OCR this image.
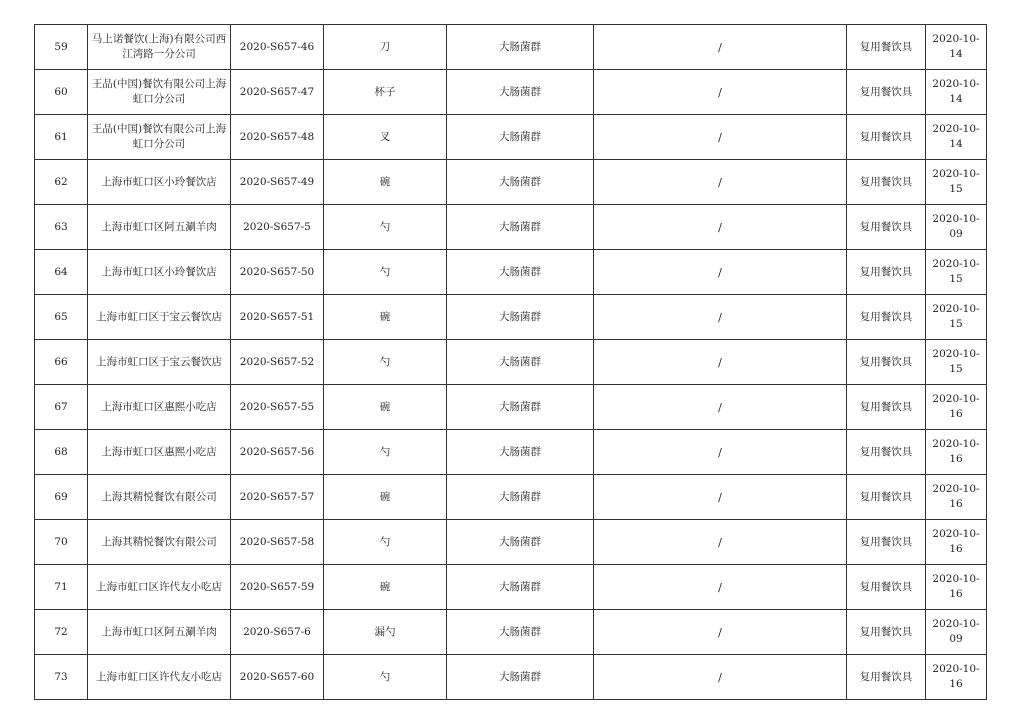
59	马上诺餐饮(上海)有限公司西江湾路一分公司	2020-S657-46	刀	大肠菌群	/	复用餐饮具	2020-10-14
60	王品(中国)餐饮有限公司上海虹口分公司	2020-S657-47	杯子	大肠菌群	/	复用餐饮具	2020-10-14
61	王品(中国)餐饮有限公司上海虹口分公司	2020-S657-48	叉	大肠菌群	/	复用餐饮具	2020-10-14
62	上海市虹口区小玲餐饮店	2020-S657-49	碗	大肠菌群	/	复用餐饮具	2020-10-15
63	上海市虹口区阿五涮羊肉	2020-S657-5	勺	大肠菌群	/	复用餐饮具	2020-10-09
64	上海市虹口区小玲餐饮店	2020-S657-50	勺	大肠菌群	/	复用餐饮具	2020-10-15
65	上海市虹口区于宝云餐饮店	2020-S657-51	碗	大肠菌群	/	复用餐饮具	2020-10-15
66	上海市虹口区于宝云餐饮店	2020-S657-52	勺	大肠菌群	/	复用餐饮具	2020-10-15
67	上海市虹口区惠熙小吃店	2020-S657-55	碗	大肠菌群	/	复用餐饮具	2020-10-16
68	上海市虹口区惠熙小吃店	2020-S657-56	勺	大肠菌群	/	复用餐饮具	2020-10-16
69	上海其精悦餐饮有限公司	2020-S657-57	碗	大肠菌群	/	复用餐饮具	2020-10-16
70	上海其精悦餐饮有限公司	2020-S657-58	勺	大肠菌群	/	复用餐饮具	2020-10-16
71	上海市虹口区许代友小吃店	2020-S657-59	碗	大肠菌群	/	复用餐饮具	2020-10-16
72	上海市虹口区阿五涮羊肉	2020-S657-6	漏勺	大肠菌群	/	复用餐饮具	2020-10-09
73	上海市虹口区许代友小吃店	2020-S657-60	勺	大肠菌群	/	复用餐饮具	2020-10-16
